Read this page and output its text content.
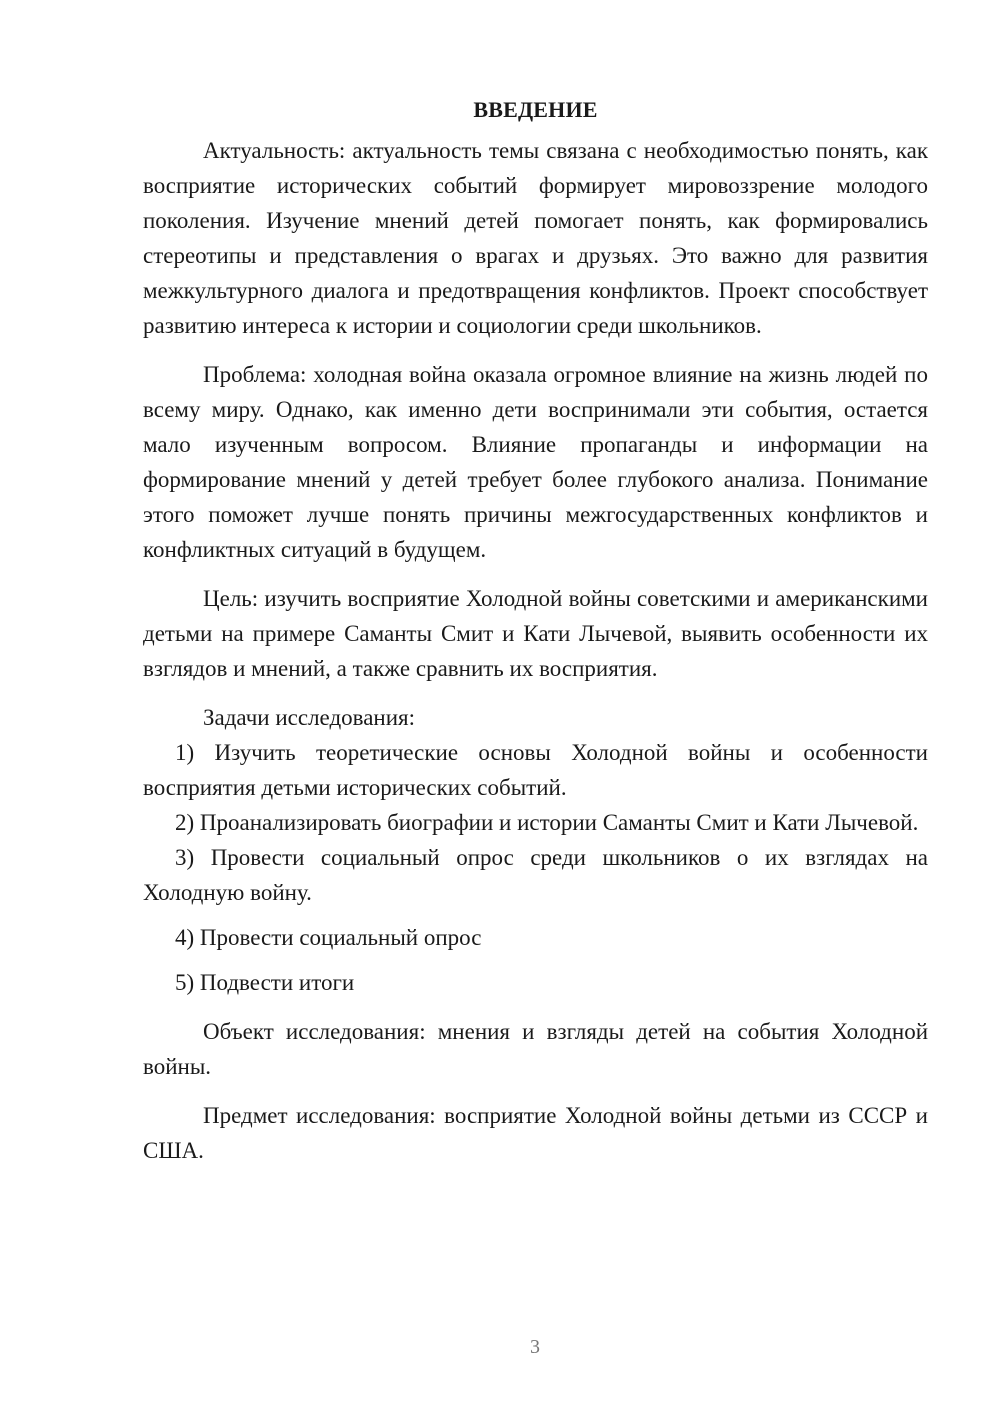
ВВЕДЕНИЕ

Актуальность: актуальность темы связана с необходимостью понять, как восприятие исторических событий формирует мировоззрение молодого поколения. Изучение мнений детей помогает понять, как формировались стереотипы и представления о врагах и друзьях. Это важно для развития межкультурного диалога и предотвращения конфликтов. Проект способствует развитию интереса к истории и социологии среди школьников.

Проблема: холодная война оказала огромное влияние на жизнь людей по всему миру. Однако, как именно дети воспринимали эти события, остается мало изученным вопросом. Влияние пропаганды и информации на формирование мнений у детей требует более глубокого анализа. Понимание этого поможет лучше понять причины межгосударственных конфликтов и конфликтных ситуаций в будущем.

Цель: изучить восприятие Холодной войны советскими и американскими детьми на примере Саманты Смит и Кати Лычевой, выявить особенности их взглядов и мнений, а также сравнить их восприятия.

Задачи исследования:

1) Изучить теоретические основы Холодной войны и особенности восприятия детьми исторических событий.

2) Проанализировать биографии и истории Саманты Смит и Кати Лычевой.

3) Провести социальный опрос среди школьников о их взглядах на Холодную войну.

4) Провести социальный опрос

5) Подвести итоги

Объект исследования: мнения и взгляды детей на события Холодной войны.

Предмет исследования: восприятие Холодной войны детьми из СССР и США.

3
